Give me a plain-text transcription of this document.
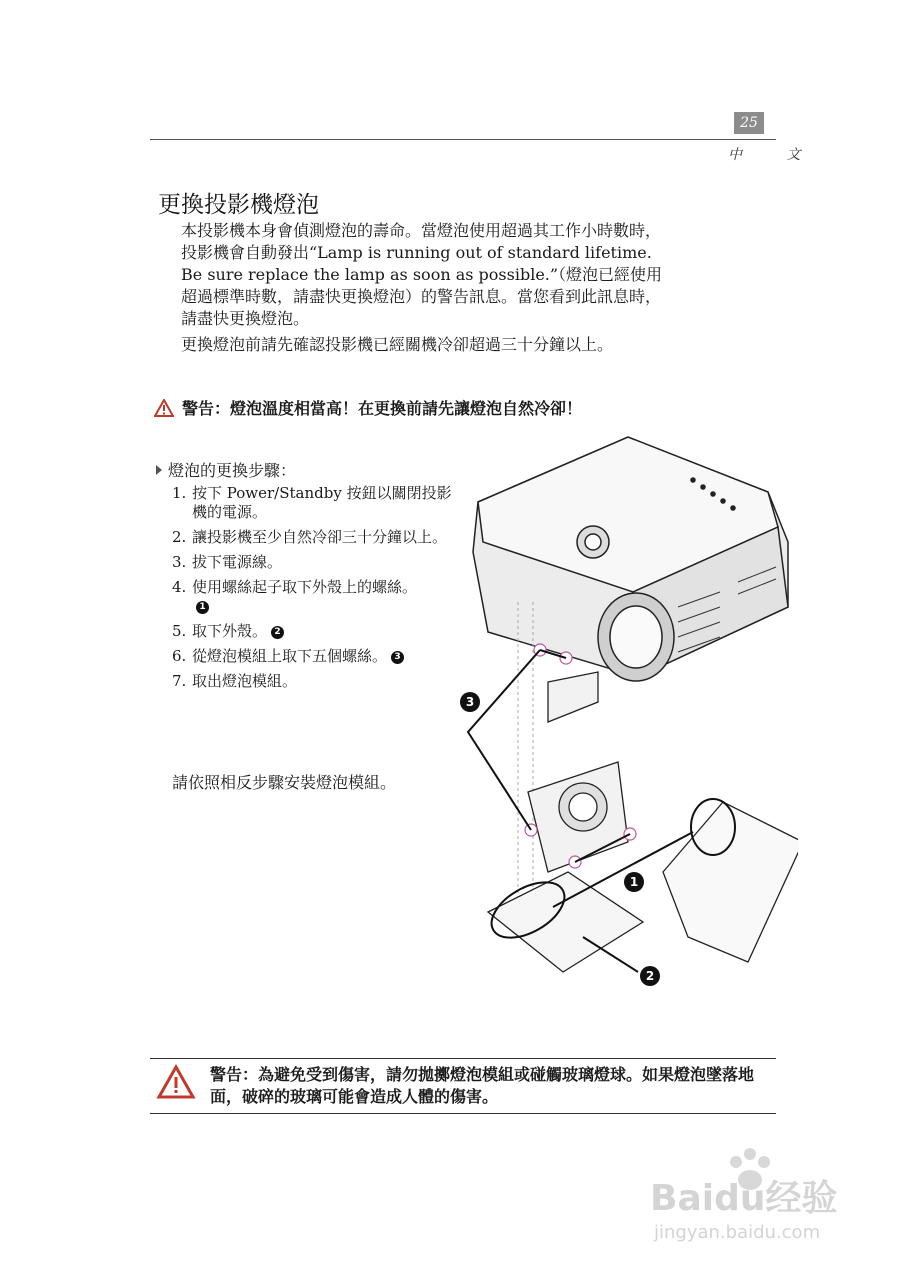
25
中 文
更換投影機燈泡

本投影機本身會偵測燈泡的壽命。當燈泡使用超過其工作小時數時，
投影機會自動發出“Lamp is running out of standard lifetime.
Be sure replace the lamp as soon as possible.”（燈泡已經使用
超過標準時數，請盡快更換燈泡）的警告訊息。當您看到此訊息時，
請盡快更換燈泡。

更換燈泡前請先確認投影機已經關機冷卻超過三十分鐘以上。

警告：燈泡溫度相當高！在更換前請先讓燈泡自然冷卻！
燈泡的更換步驟：
1. 按下 Power/Standby 按鈕以關閉投影機的電源。
2. 讓投影機至少自然冷卻三十分鐘以上。
3. 拔下電源線。
4. 使用螺絲起子取下外殼上的螺絲。
1
5. 取下外殼。 2
6. 從燈泡模組上取下五個螺絲。 3
7. 取出燈泡模組。
請依照相反步驟安裝燈泡模組。
3
1
2
警告：為避免受到傷害，請勿拋擲燈泡模組或碰觸玻璃燈球。如果燈泡墜落地面，破碎的玻璃可能會造成人體的傷害。
Baidu经验
jingyan.baidu.com
